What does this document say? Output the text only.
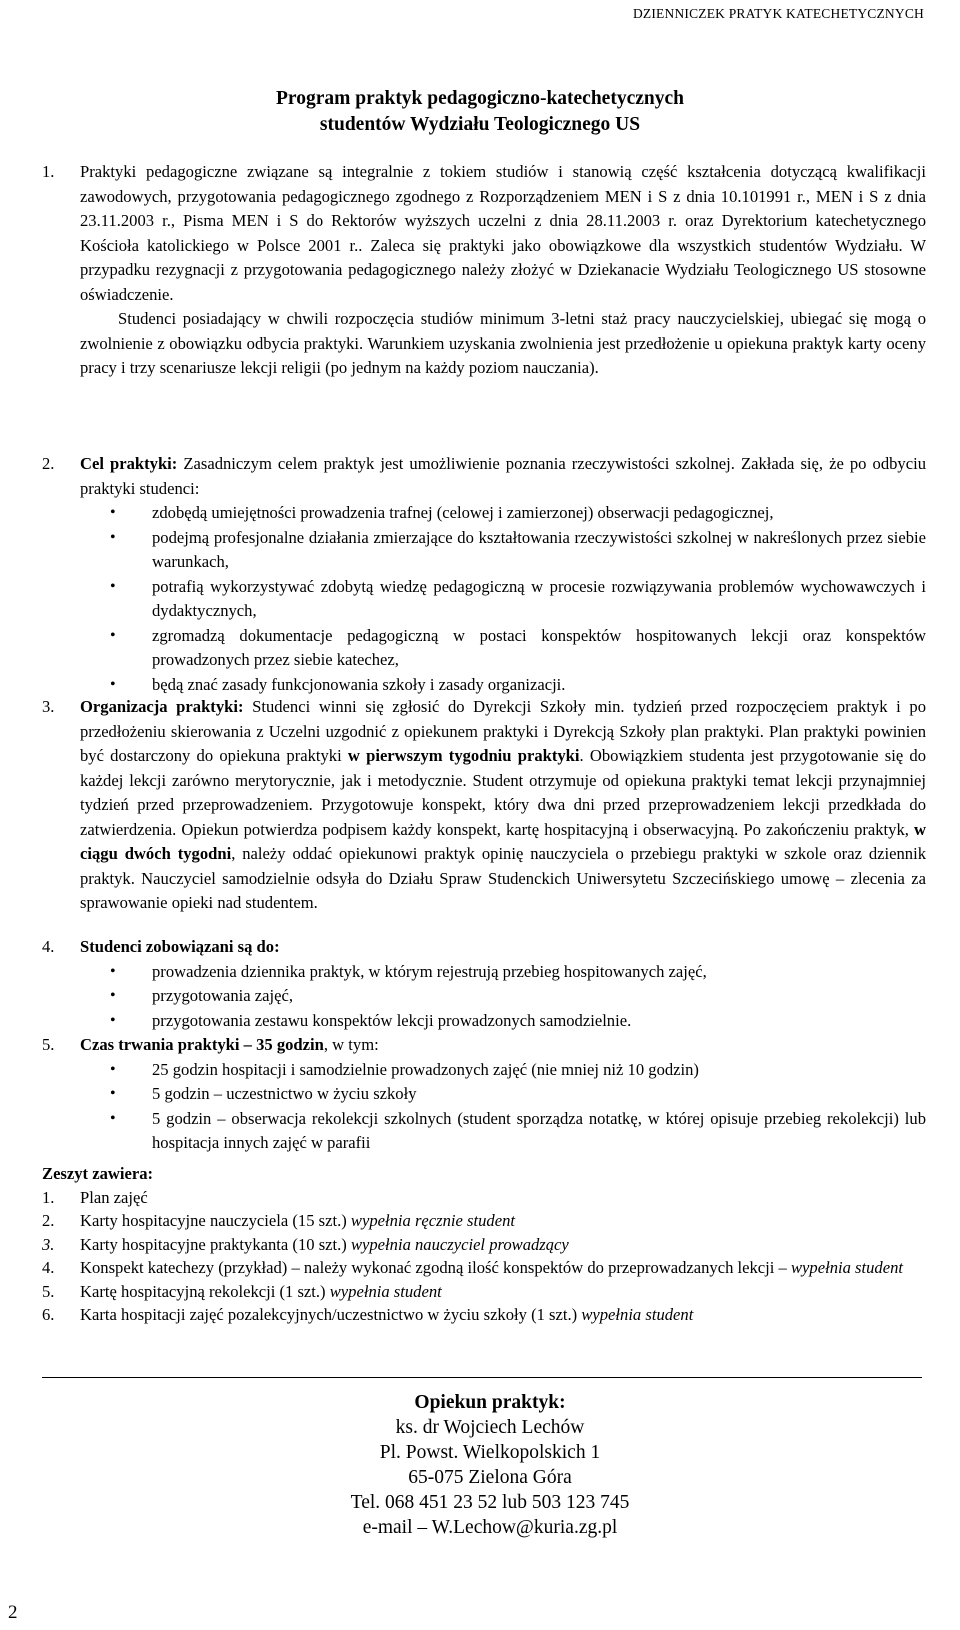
DZIENNICZEK PRATYK KATECHETYCZNYCH
Program praktyk pedagogiczno-katechetycznych
studentów Wydziału Teologicznego US
1. Praktyki pedagogiczne związane są integralnie z tokiem studiów i stanowią część kształcenia dotyczącą kwalifikacji zawodowych, przygotowania pedagogicznego zgodnego z Rozporządzeniem MEN i S z dnia 10.101991 r., MEN i S z dnia 23.11.2003 r., Pisma MEN i S do Rektorów wyższych uczelni z dnia 28.11.2003 r. oraz Dyrektorium katechetycznego Kościoła katolickiego w Polsce 2001 r.. Zaleca się praktyki jako obowiązkowe dla wszystkich studentów Wydziału. W przypadku rezygnacji z przygotowania pedagogicznego należy złożyć w Dziekanacie Wydziału Teologicznego US stosowne oświadczenie.
Studenci posiadający w chwili rozpoczęcia studiów minimum 3-letni staż pracy nauczycielskiej, ubiegać się mogą o zwolnienie z obowiązku odbycia praktyki. Warunkiem uzyskania zwolnienia jest przedłożenie u opiekuna praktyk karty oceny pracy i trzy scenariusze lekcji religii (po jednym na każdy poziom nauczania).
2. Cel praktyki: Zasadniczym celem praktyk jest umożliwienie poznania rzeczywistości szkolnej. Zakłada się, że po odbyciu praktyki studenci:
• zdobędą umiejętności prowadzenia trafnej (celowej i zamierzonej) obserwacji pedagogicznej,
• podejmą profesjonalne działania zmierzające do kształtowania rzeczywistości szkolnej w nakreślonych przez siebie warunkach,
• potrafią wykorzystywać zdobytą wiedzę pedagogiczną w procesie rozwiązywania problemów wychowawczych i dydaktycznych,
• zgromadzą dokumentacje pedagogiczną w postaci konspektów hospitowanych lekcji oraz konspektów prowadzonych przez siebie katechez,
• będą znać zasady funkcjonowania szkoły i zasady organizacji.
3. Organizacja praktyki: Studenci winni się zgłosić do Dyrekcji Szkoły min. tydzień przed rozpoczęciem praktyk i po przedłożeniu skierowania z Uczelni uzgodnić z opiekunem praktyki i Dyrekcją Szkoły plan praktyki. Plan praktyki powinien być dostarczony do opiekuna praktyki w pierwszym tygodniu praktyki. Obowiązkiem studenta jest przygotowanie się do każdej lekcji zarówno merytorycznie, jak i metodycznie. Student otrzymuje od opiekuna praktyki temat lekcji przynajmniej tydzień przed przeprowadzeniem. Przygotowuje konspekt, który dwa dni przed przeprowadzeniem lekcji przedkłada do zatwierdzenia. Opiekun potwierdza podpisem każdy konspekt, kartę hospitacyjną i obserwacyjną. Po zakończeniu praktyk, w ciągu dwóch tygodni, należy oddać opiekunowi praktyk opinię nauczyciela o przebiegu praktyki w szkole oraz dziennik praktyk. Nauczyciel samodzielnie odsyła do Działu Spraw Studenckich Uniwersytetu Szczecińskiego umowę – zlecenia za sprawowanie opieki nad studentem.
4. Studenci zobowiązani są do:
• prowadzenia dziennika praktyk, w którym rejestrują przebieg hospitowanych zajęć,
• przygotowania zajęć,
• przygotowania zestawu konspektów lekcji prowadzonych samodzielnie.
5. Czas trwania praktyki – 35 godzin, w tym:
• 25 godzin hospitacji i samodzielnie prowadzonych zajęć (nie mniej niż 10 godzin)
• 5 godzin – uczestnictwo w życiu szkoły
• 5 godzin – obserwacja rekolekcji szkolnych (student sporządza notatkę, w której opisuje przebieg rekolekcji) lub hospitacja innych zajęć w parafii
Zeszyt zawiera:
1. Plan zajęć
2. Karty hospitacyjne nauczyciela (15 szt.) wypełnia ręcznie student
3. Karty hospitacyjne praktykanta (10 szt.) wypełnia nauczyciel prowadzący
4. Konspekt katechezy (przykład) – należy wykonać zgodną ilość konspektów do przeprowadzanych lekcji – wypełnia student
5. Kartę hospitacyjną rekolekcji (1 szt.) wypełnia student
6. Karta hospitacji zajęć pozalekcyjnych/uczestnictwo w życiu szkoły (1 szt.) wypełnia student
Opiekun praktyk:
ks. dr Wojciech Lechów
Pl. Powst. Wielkopolskich 1
65-075 Zielona Góra
Tel. 068 451 23 52 lub 503 123 745
e-mail – W.Lechow@kuria.zg.pl
2
